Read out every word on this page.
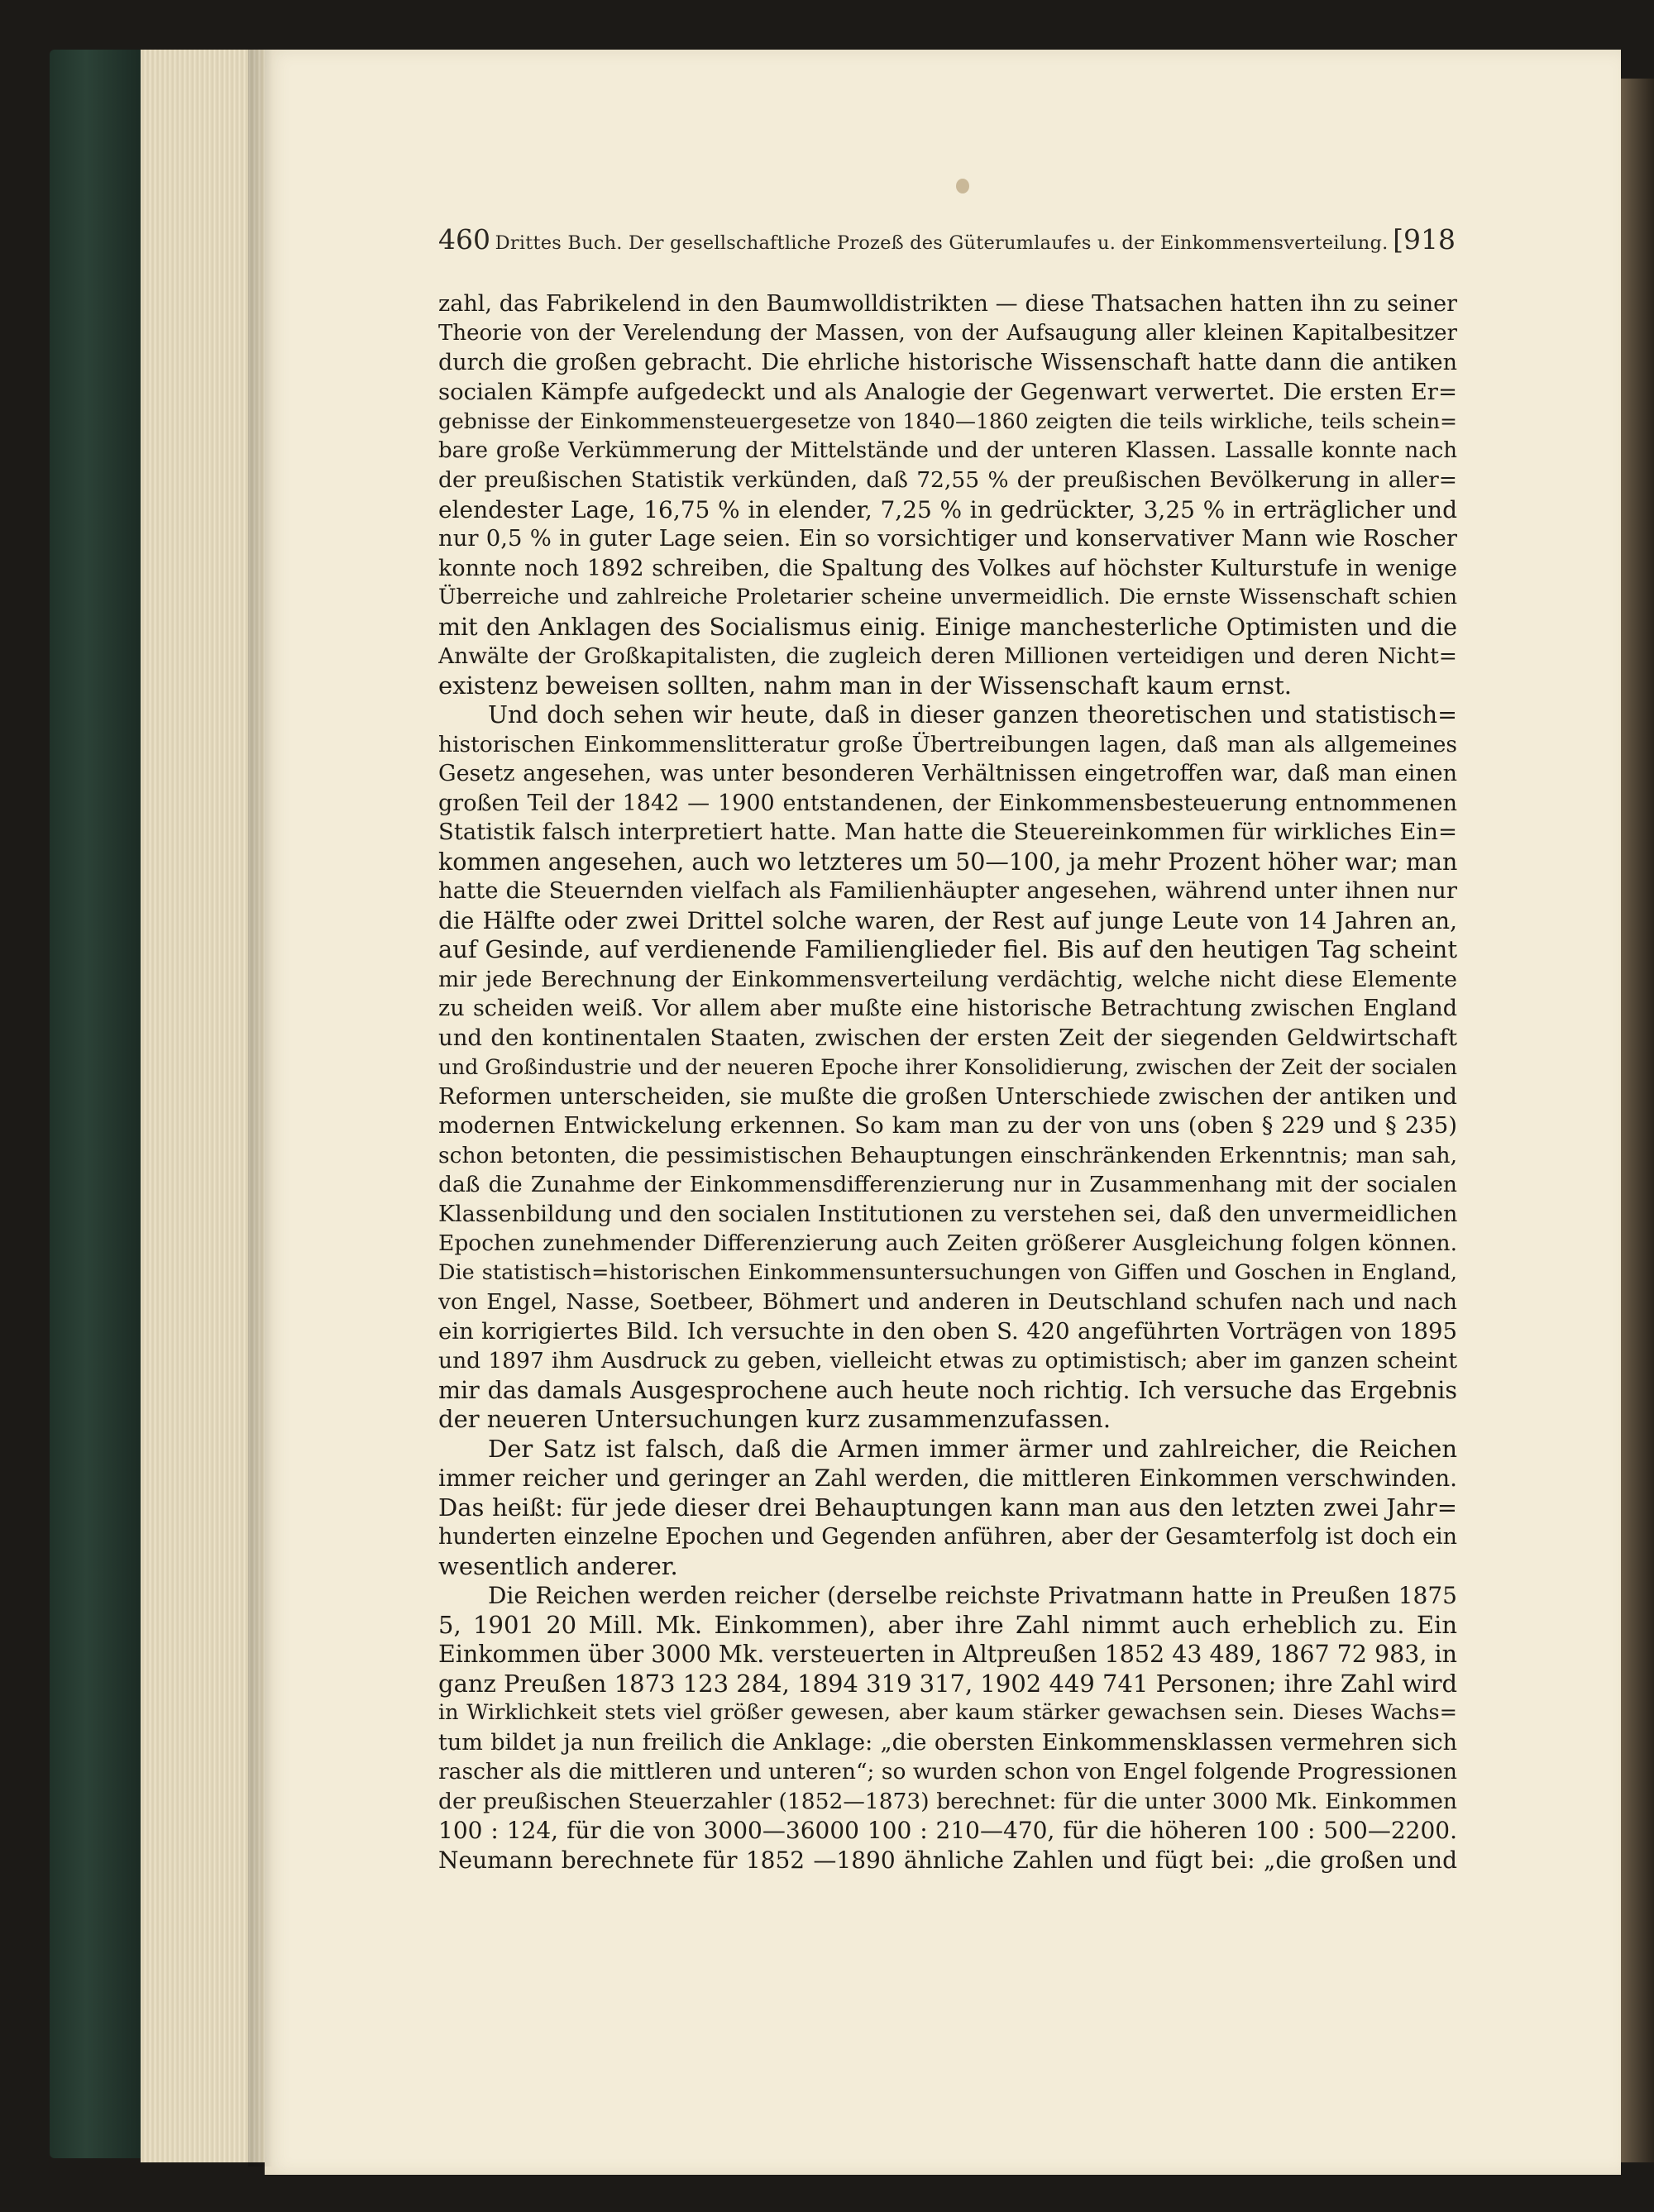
460 Drittes Buch. Der gesellschaftliche Prozeß des Güterumlaufes u. der Einkommensverteilung. [918
zahl, das Fabrikelend in den Baumwolldistrikten — diese Thatsachen hatten ihn zu seiner
Theorie von der Verelendung der Massen, von der Aufsaugung aller kleinen Kapitalbesitzer
durch die großen gebracht. Die ehrliche historische Wissenschaft hatte dann die antiken
socialen Kämpfe aufgedeckt und als Analogie der Gegenwart verwertet. Die ersten Er=
gebnisse der Einkommensteuergesetze von 1840—1860 zeigten die teils wirkliche, teils schein=
bare große Verkümmerung der Mittelstände und der unteren Klassen. Lassalle konnte nach
der preußischen Statistik verkünden, daß 72,55 % der preußischen Bevölkerung in aller=
elendester Lage, 16,75 % in elender, 7,25 % in gedrückter, 3,25 % in erträglicher und
nur 0,5 % in guter Lage seien. Ein so vorsichtiger und konservativer Mann wie Roscher
konnte noch 1892 schreiben, die Spaltung des Volkes auf höchster Kulturstufe in wenige
Überreiche und zahlreiche Proletarier scheine unvermeidlich. Die ernste Wissenschaft schien
mit den Anklagen des Socialismus einig. Einige manchesterliche Optimisten und die
Anwälte der Großkapitalisten, die zugleich deren Millionen verteidigen und deren Nicht=
existenz beweisen sollten, nahm man in der Wissenschaft kaum ernst.
Und doch sehen wir heute, daß in dieser ganzen theoretischen und statistisch=
historischen Einkommenslitteratur große Übertreibungen lagen, daß man als allgemeines
Gesetz angesehen, was unter besonderen Verhältnissen eingetroffen war, daß man einen
großen Teil der 1842 — 1900 entstandenen, der Einkommensbesteuerung entnommenen
Statistik falsch interpretiert hatte. Man hatte die Steuereinkommen für wirkliches Ein=
kommen angesehen, auch wo letzteres um 50—100, ja mehr Prozent höher war; man
hatte die Steuernden vielfach als Familienhäupter angesehen, während unter ihnen nur
die Hälfte oder zwei Drittel solche waren, der Rest auf junge Leute von 14 Jahren an,
auf Gesinde, auf verdienende Familienglieder fiel. Bis auf den heutigen Tag scheint
mir jede Berechnung der Einkommensverteilung verdächtig, welche nicht diese Elemente
zu scheiden weiß. Vor allem aber mußte eine historische Betrachtung zwischen England
und den kontinentalen Staaten, zwischen der ersten Zeit der siegenden Geldwirtschaft
und Großindustrie und der neueren Epoche ihrer Konsolidierung, zwischen der Zeit der socialen
Reformen unterscheiden, sie mußte die großen Unterschiede zwischen der antiken und
modernen Entwickelung erkennen. So kam man zu der von uns (oben § 229 und § 235)
schon betonten, die pessimistischen Behauptungen einschränkenden Erkenntnis; man sah,
daß die Zunahme der Einkommensdifferenzierung nur in Zusammenhang mit der socialen
Klassenbildung und den socialen Institutionen zu verstehen sei, daß den unvermeidlichen
Epochen zunehmender Differenzierung auch Zeiten größerer Ausgleichung folgen können.
Die statistisch=historischen Einkommensuntersuchungen von Giffen und Goschen in England,
von Engel, Nasse, Soetbeer, Böhmert und anderen in Deutschland schufen nach und nach
ein korrigiertes Bild. Ich versuchte in den oben S. 420 angeführten Vorträgen von 1895
und 1897 ihm Ausdruck zu geben, vielleicht etwas zu optimistisch; aber im ganzen scheint
mir das damals Ausgesprochene auch heute noch richtig. Ich versuche das Ergebnis
der neueren Untersuchungen kurz zusammenzufassen.
Der Satz ist falsch, daß die Armen immer ärmer und zahlreicher, die Reichen
immer reicher und geringer an Zahl werden, die mittleren Einkommen verschwinden.
Das heißt: für jede dieser drei Behauptungen kann man aus den letzten zwei Jahr=
hunderten einzelne Epochen und Gegenden anführen, aber der Gesamterfolg ist doch ein
wesentlich anderer.
Die Reichen werden reicher (derselbe reichste Privatmann hatte in Preußen 1875
5, 1901 20 Mill. Mk. Einkommen), aber ihre Zahl nimmt auch erheblich zu. Ein
Einkommen über 3000 Mk. versteuerten in Altpreußen 1852 43 489, 1867 72 983, in
ganz Preußen 1873 123 284, 1894 319 317, 1902 449 741 Personen; ihre Zahl wird
in Wirklichkeit stets viel größer gewesen, aber kaum stärker gewachsen sein. Dieses Wachs=
tum bildet ja nun freilich die Anklage: „die obersten Einkommensklassen vermehren sich
rascher als die mittleren und unteren“; so wurden schon von Engel folgende Progressionen
der preußischen Steuerzahler (1852—1873) berechnet: für die unter 3000 Mk. Einkommen
100 : 124, für die von 3000—36000 100 : 210—470, für die höheren 100 : 500—2200.
Neumann berechnete für 1852 —1890 ähnliche Zahlen und fügt bei: „die großen und
